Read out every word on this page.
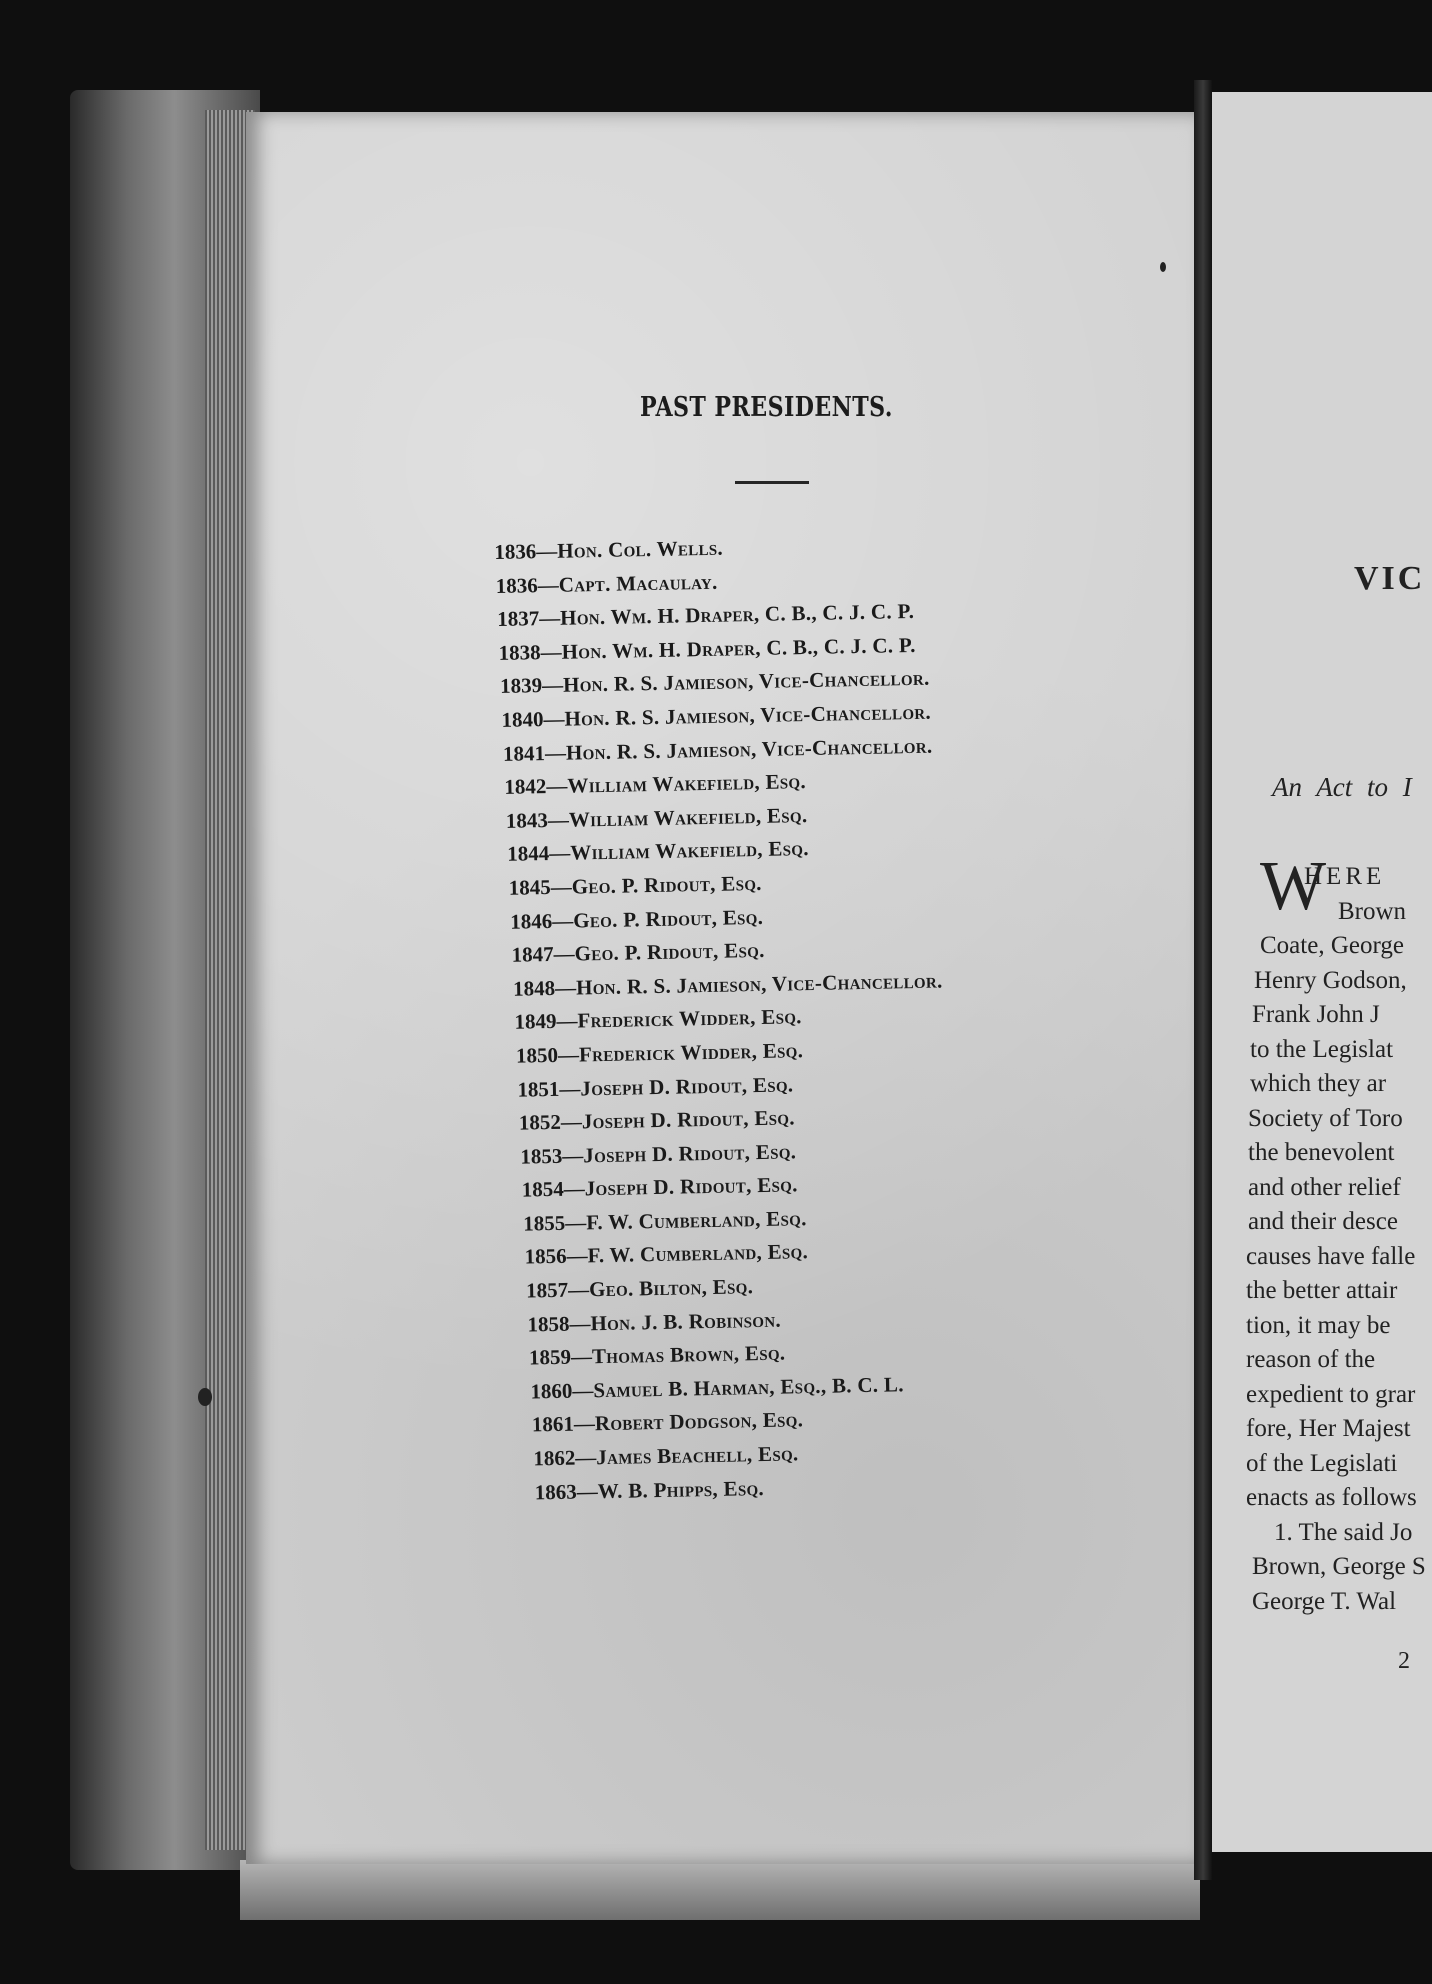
VIC
An Act to I
W
HERE
Brown
Coate, George
Henry Godson,
Frank John J
to the Legislat
which they ar
Society of Toro
the benevolent
and other relief
and their desce
causes have falle
the better attair
tion, it may be
reason of the
expedient to grar
fore, Her Majest
of the Legislati
enacts as follows
1. The said Jo
Brown, George S
George T. Wal
2
PAST PRESIDENTS.
1836—Hon. Col. Wells.
1836—Capt. Macaulay.
1837—Hon. Wm. H. Draper, C. B., C. J. C. P.
1838—Hon. Wm. H. Draper, C. B., C. J. C. P.
1839—Hon. R. S. Jamieson, Vice-Chancellor.
1840—Hon. R. S. Jamieson, Vice-Chancellor.
1841—Hon. R. S. Jamieson, Vice-Chancellor.
1842—William Wakefield, Esq.
1843—William Wakefield, Esq.
1844—William Wakefield, Esq.
1845—Geo. P. Ridout, Esq.
1846—Geo. P. Ridout, Esq.
1847—Geo. P. Ridout, Esq.
1848—Hon. R. S. Jamieson, Vice-Chancellor.
1849—Frederick Widder, Esq.
1850—Frederick Widder, Esq.
1851—Joseph D. Ridout, Esq.
1852—Joseph D. Ridout, Esq.
1853—Joseph D. Ridout, Esq.
1854—Joseph D. Ridout, Esq.
1855—F. W. Cumberland, Esq.
1856—F. W. Cumberland, Esq.
1857—Geo. Bilton, Esq.
1858—Hon. J. B. Robinson.
1859—Thomas Brown, Esq.
1860—Samuel B. Harman, Esq., B. C. L.
1861—Robert Dodgson, Esq.
1862—James Beachell, Esq.
1863—W. B. Phipps, Esq.
